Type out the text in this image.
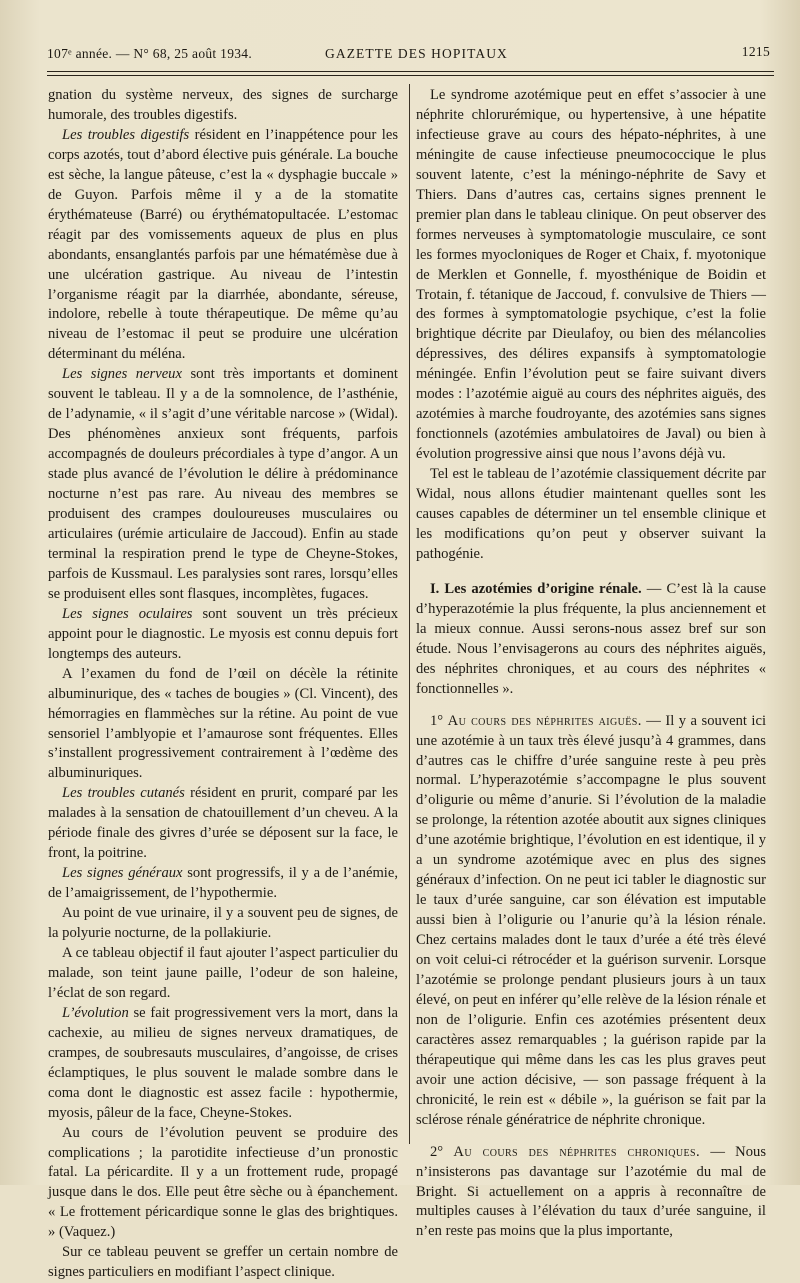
107ᵉ année. — N° 68, 25 août 1934.	GAZETTE DES HOPITAUX	1215

gnation du système nerveux, des signes de surcharge humorale, des troubles digestifs.

Les troubles digestifs résident en l’inappétence pour les corps azotés, tout d’abord élective puis générale. La bouche est sèche, la langue pâteuse, c’est la « dysphagie buccale » de Guyon. Parfois même il y a de la stomatite érythémateuse (Barré) ou érythématopultacée. L’estomac réagit par des vomissements aqueux de plus en plus abondants, ensanglantés parfois par une hématémèse due à une ulcération gastrique. Au niveau de l’intestin l’organisme réagit par la diarrhée, abondante, séreuse, indolore, rebelle à toute thérapeutique. De même qu’au niveau de l’estomac il peut se produire une ulcération déterminant du méléna.

Les signes nerveux sont très importants et dominent souvent le tableau. Il y a de la somnolence, de l’asthénie, de l’adynamie, « il s’agit d’une véritable narcose » (Widal). Des phénomènes anxieux sont fréquents, parfois accompagnés de douleurs précordiales à type d’angor. A un stade plus avancé de l’évolution le délire à prédominance nocturne n’est pas rare. Au niveau des membres se produisent des crampes douloureuses musculaires ou articulaires (urémie articulaire de Jaccoud). Enfin au stade terminal la respiration prend le type de Cheyne-Stokes, parfois de Kussmaul. Les paralysies sont rares, lorsqu’elles se produisent elles sont flasques, incomplètes, fugaces.

Les signes oculaires sont souvent un très précieux appoint pour le diagnostic. Le myosis est connu depuis fort longtemps des auteurs.

A l’examen du fond de l’œil on décèle la rétinite albuminurique, des « taches de bougies » (Cl. Vincent), des hémorragies en flammèches sur la rétine. Au point de vue sensoriel l’amblyopie et l’amaurose sont fréquentes. Elles s’installent progressivement contrairement à l’œdème des albuminuriques.

Les troubles cutanés résident en prurit, comparé par les malades à la sensation de chatouillement d’un cheveu. A la période finale des givres d’urée se déposent sur la face, le front, la poitrine.

Les signes généraux sont progressifs, il y a de l’anémie, de l’amaigrissement, de l’hypothermie.

Au point de vue urinaire, il y a souvent peu de signes, de la polyurie nocturne, de la pollakiurie.

A ce tableau objectif il faut ajouter l’aspect particulier du malade, son teint jaune paille, l’odeur de son haleine, l’éclat de son regard.

L’évolution se fait progressivement vers la mort, dans la cachexie, au milieu de signes nerveux dramatiques, de crampes, de soubresauts musculaires, d’angoisse, de crises éclamptiques, le plus souvent le malade sombre dans le coma dont le diagnostic est assez facile : hypothermie, myosis, pâleur de la face, Cheyne-Stokes.

Au cours de l’évolution peuvent se produire des complications ; la parotidite infectieuse d’un pronostic fatal. La péricardite. Il y a un frottement rude, propagé jusque dans le dos. Elle peut être sèche ou à épanchement. « Le frottement péricardique sonne le glas des brightiques. » (Vaquez.)

Sur ce tableau peuvent se greffer un certain nombre de signes particuliers en modifiant l’aspect clinique.

Le syndrome azotémique peut en effet s’associer à une néphrite chlorurémique, ou hypertensive, à une hépatite infectieuse grave au cours des hépato-néphrites, à une méningite de cause infectieuse pneumococcique le plus souvent latente, c’est la méningo-néphrite de Savy et Thiers. Dans d’autres cas, certains signes prennent le premier plan dans le tableau clinique. On peut observer des formes nerveuses à symptomatologie musculaire, ce sont les formes myocloniques de Roger et Chaix, f. myotonique de Merklen et Gonnelle, f. myosthénique de Boidin et Trotain, f. tétanique de Jaccoud, f. convulsive de Thiers — des formes à symptomatologie psychique, c’est la folie brightique décrite par Dieulafoy, ou bien des mélancolies dépressives, des délires expansifs à symptomatologie méningée. Enfin l’évolution peut se faire suivant divers modes : l’azotémie aiguë au cours des néphrites aiguës, des azotémies à marche foudroyante, des azotémies sans signes fonctionnels (azotémies ambulatoires de Javal) ou bien à évolution progressive ainsi que nous l’avons déjà vu.

Tel est le tableau de l’azotémie classiquement décrite par Widal, nous allons étudier maintenant quelles sont les causes capables de déterminer un tel ensemble clinique et les modifications qu’on peut y observer suivant la pathogénie.

I. Les azotémies d’origine rénale. — C’est là la cause d’hyperazotémie la plus fréquente, la plus anciennement et la mieux connue. Aussi serons-nous assez bref sur son étude. Nous l’envisagerons au cours des néphrites aiguës, des néphrites chroniques, et au cours des néphrites « fonctionnelles ».

1° Au cours des néphrites aiguës. — Il y a souvent ici une azotémie à un taux très élevé jusqu’à 4 grammes, dans d’autres cas le chiffre d’urée sanguine reste à peu près normal. L’hyperazotémie s’accompagne le plus souvent d’oligurie ou même d’anurie. Si l’évolution de la maladie se prolonge, la rétention azotée aboutit aux signes cliniques d’une azotémie brightique, l’évolution en est identique, il y a un syndrome azotémique avec en plus des signes généraux d’infection. On ne peut ici tabler le diagnostic sur le taux d’urée sanguine, car son élévation est imputable aussi bien à l’oligurie ou l’anurie qu’à la lésion rénale. Chez certains malades dont le taux d’urée a été très élevé on voit celui-ci rétrocéder et la guérison survenir. Lorsque l’azotémie se prolonge pendant plusieurs jours à un taux élevé, on peut en inférer qu’elle relève de la lésion rénale et non de l’oligurie. Enfin ces azotémies présentent deux caractères assez remarquables ; la guérison rapide par la thérapeutique qui même dans les cas les plus graves peut avoir une action décisive, — son passage fréquent à la chronicité, le rein est « débile », la guérison se fait par la sclérose rénale génératrice de néphrite chronique.

2° Au cours des néphrites chroniques. — Nous n’insisterons pas davantage sur l’azotémie du mal de Bright. Si actuellement on a appris à reconnaître de multiples causes à l’élévation du taux d’urée sanguine, il n’en reste pas moins que la plus importante,
